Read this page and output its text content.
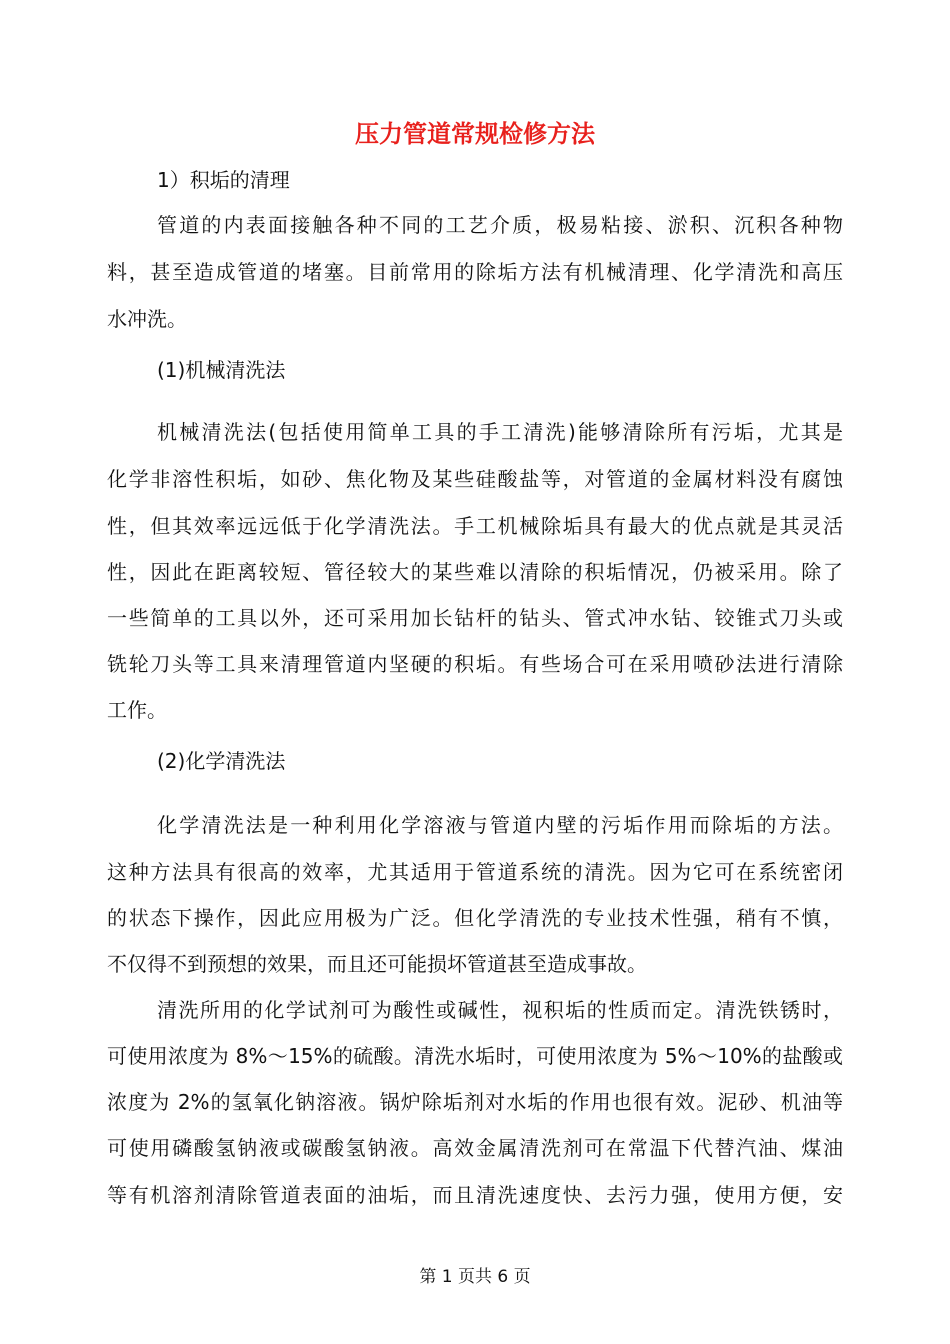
压力管道常规检修方法

1）积垢的清理

管道的内表面接触各种不同的工艺介质，极易粘接、淤积、沉积各种物

料，甚至造成管道的堵塞。目前常用的除垢方法有机械清理、化学清洗和高压

水冲洗。

(1)机械清洗法

机械清洗法(包括使用简单工具的手工清洗)能够清除所有污垢，尤其是

化学非溶性积垢，如砂、焦化物及某些硅酸盐等，对管道的金属材料没有腐蚀

性，但其效率远远低于化学清洗法。手工机械除垢具有最大的优点就是其灵活

性，因此在距离较短、管径较大的某些难以清除的积垢情况，仍被采用。除了

一些简单的工具以外，还可采用加长钻杆的钻头、管式冲水钻、铰锥式刀头或

铣轮刀头等工具来清理管道内坚硬的积垢。有些场合可在采用喷砂法进行清除

工作。

(2)化学清洗法

化学清洗法是一种利用化学溶液与管道内壁的污垢作用而除垢的方法。

这种方法具有很高的效率，尤其适用于管道系统的清洗。因为它可在系统密闭

的状态下操作，因此应用极为广泛。但化学清洗的专业技术性强，稍有不慎，

不仅得不到预想的效果，而且还可能损坏管道甚至造成事故。

清洗所用的化学试剂可为酸性或碱性，视积垢的性质而定。清洗铁锈时，

可使用浓度为 8%～15%的硫酸。清洗水垢时，可使用浓度为 5%～10%的盐酸或

浓度为 2%的氢氧化钠溶液。锅炉除垢剂对水垢的作用也很有效。泥砂、机油等

可使用磷酸氢钠液或碳酸氢钠液。高效金属清洗剂可在常温下代替汽油、煤油

等有机溶剂清除管道表面的油垢，而且清洗速度快、去污力强，使用方便，安

第 1 页共 6 页
